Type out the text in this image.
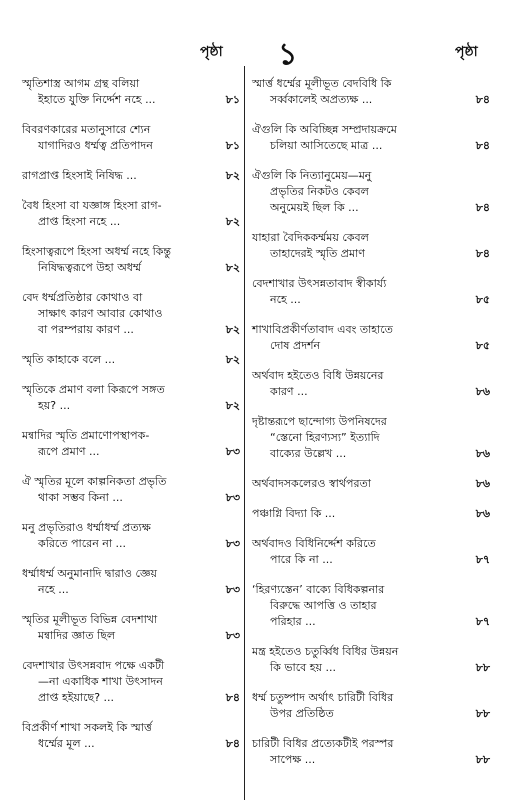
পৃষ্ঠা ১	পৃষ্ঠা
স্মৃতিশাস্ত্র আগম গ্রন্থ বলিয়া
ইহাতে যুক্তি নির্দ্দেশ নহে ...	৮১
বিবরণকারের মতানুসারে শ্যেন
যাগাদিরও ধর্ম্মত্ব প্রতিপাদন	৮১
রাগপ্রাপ্ত হিংসাই নিষিদ্ধ ...	৮২
বৈধ হিংসা বা যজ্ঞাঙ্গ হিংসা রাগ-
প্রাপ্ত হিংসা নহে ...	৮২
হিংসাত্বরূপে হিংসা অধর্ম্ম নহে কিন্তু
নিষিদ্ধত্বরূপে উহা অধর্ম্ম	৮২
বেদ ধর্ম্মপ্রতিষ্ঠার কোথাও বা
সাক্ষাৎ কারণ আবার কোথাও
বা পরম্পরায় কারণ ...	৮২
স্মৃতি কাহাকে বলে ...	৮২
স্মৃতিকে প্রমাণ বলা কিরূপে সঙ্গত
হয়? ...	৮২
মন্বাদির স্মৃতি প্রমাণোপস্থাপক-
রূপে প্রমাণ ...	৮৩
ঐ স্মৃতির মূলে কাল্পনিকতা প্রভৃতি
থাকা সম্ভব কিনা ...	৮৩
মনু প্রভৃতিরাও ধর্ম্মাধর্ম্ম প্রত্যক্ষ
করিতে পারেন না ...	৮৩
ধর্ম্মাধর্ম্ম অনুমানাদি দ্বারাও জ্ঞেয়
নহে ...	৮৩
স্মৃতির মূলীভূত বিভিন্ন বেদশাখা
মন্বাদির জ্ঞাত ছিল	৮৩
বেদশাখার উৎসন্নবাদ পক্ষে একটী
—না একাধিক শাখা উৎসাদন
প্রাপ্ত হইয়াছে? ...	৮৪
বিপ্রকীর্ণ শাখা সকলই কি স্মার্ত্ত
ধর্ম্মের মূল ...	৮৪
স্মার্ত্ত ধর্ম্মের মূলীভূত বেদবিধি কি
সর্ব্বকালেই অপ্রত্যক্ষ ...	৮৪
ঐগুলি কি অবিচ্ছিন্ন সম্প্রদায়ক্রমে
চলিয়া আসিতেছে মাত্র ...	৮৪
ঐগুলি কি নিত্যানুমেয়—মনু
প্রভৃতির নিকটও কেবল
অনুমেয়ই ছিল কি ...	৮৪
যাহারা বৈদিককর্ম্মময় কেবল
তাহাদেরই স্মৃতি প্রমাণ	৮৪
বেদশাখার উৎসন্নতাবাদ স্বীকার্য্য
নহে ...	৮৫
শাখাবিপ্রকীর্ণতাবাদ এবং তাহাতে
দোষ প্রদর্শন	৮৫
অর্থবাদ হইতেও বিধি উন্নয়নের
কারণ ...	৮৬
দৃষ্টান্তরূপে ছান্দোগ্য উপনিষদের
“স্তেনো হিরণ্যস্য” ইত্যাদি
বাক্যের উল্লেখ ...	৮৬
অর্থবাদসকলেরও স্বার্থপরতা	৮৬
পঞ্চাগ্নি বিদ্যা কি ...	৮৬
অর্থবাদও বিধিনির্দ্দেশ করিতে
পারে কি না ...	৮৭
‘হিরণ্যস্তেন’ বাক্যে বিধিকল্পনার
বিরুদ্ধে আপত্তি ও তাহার
পরিহার ...	৮৭
মন্ত্র হইতেও চতুর্ব্বিধ বিধির উন্নয়ন
কি ভাবে হয় ...	৮৮
ধর্ম্ম চতুষ্পাদ অর্থাৎ চারিটী বিধির
উপর প্রতিষ্ঠিত	৮৮
চারিটী বিধির প্রত্যেকটীই পরস্পর
সাপেক্ষ ...	৮৮
